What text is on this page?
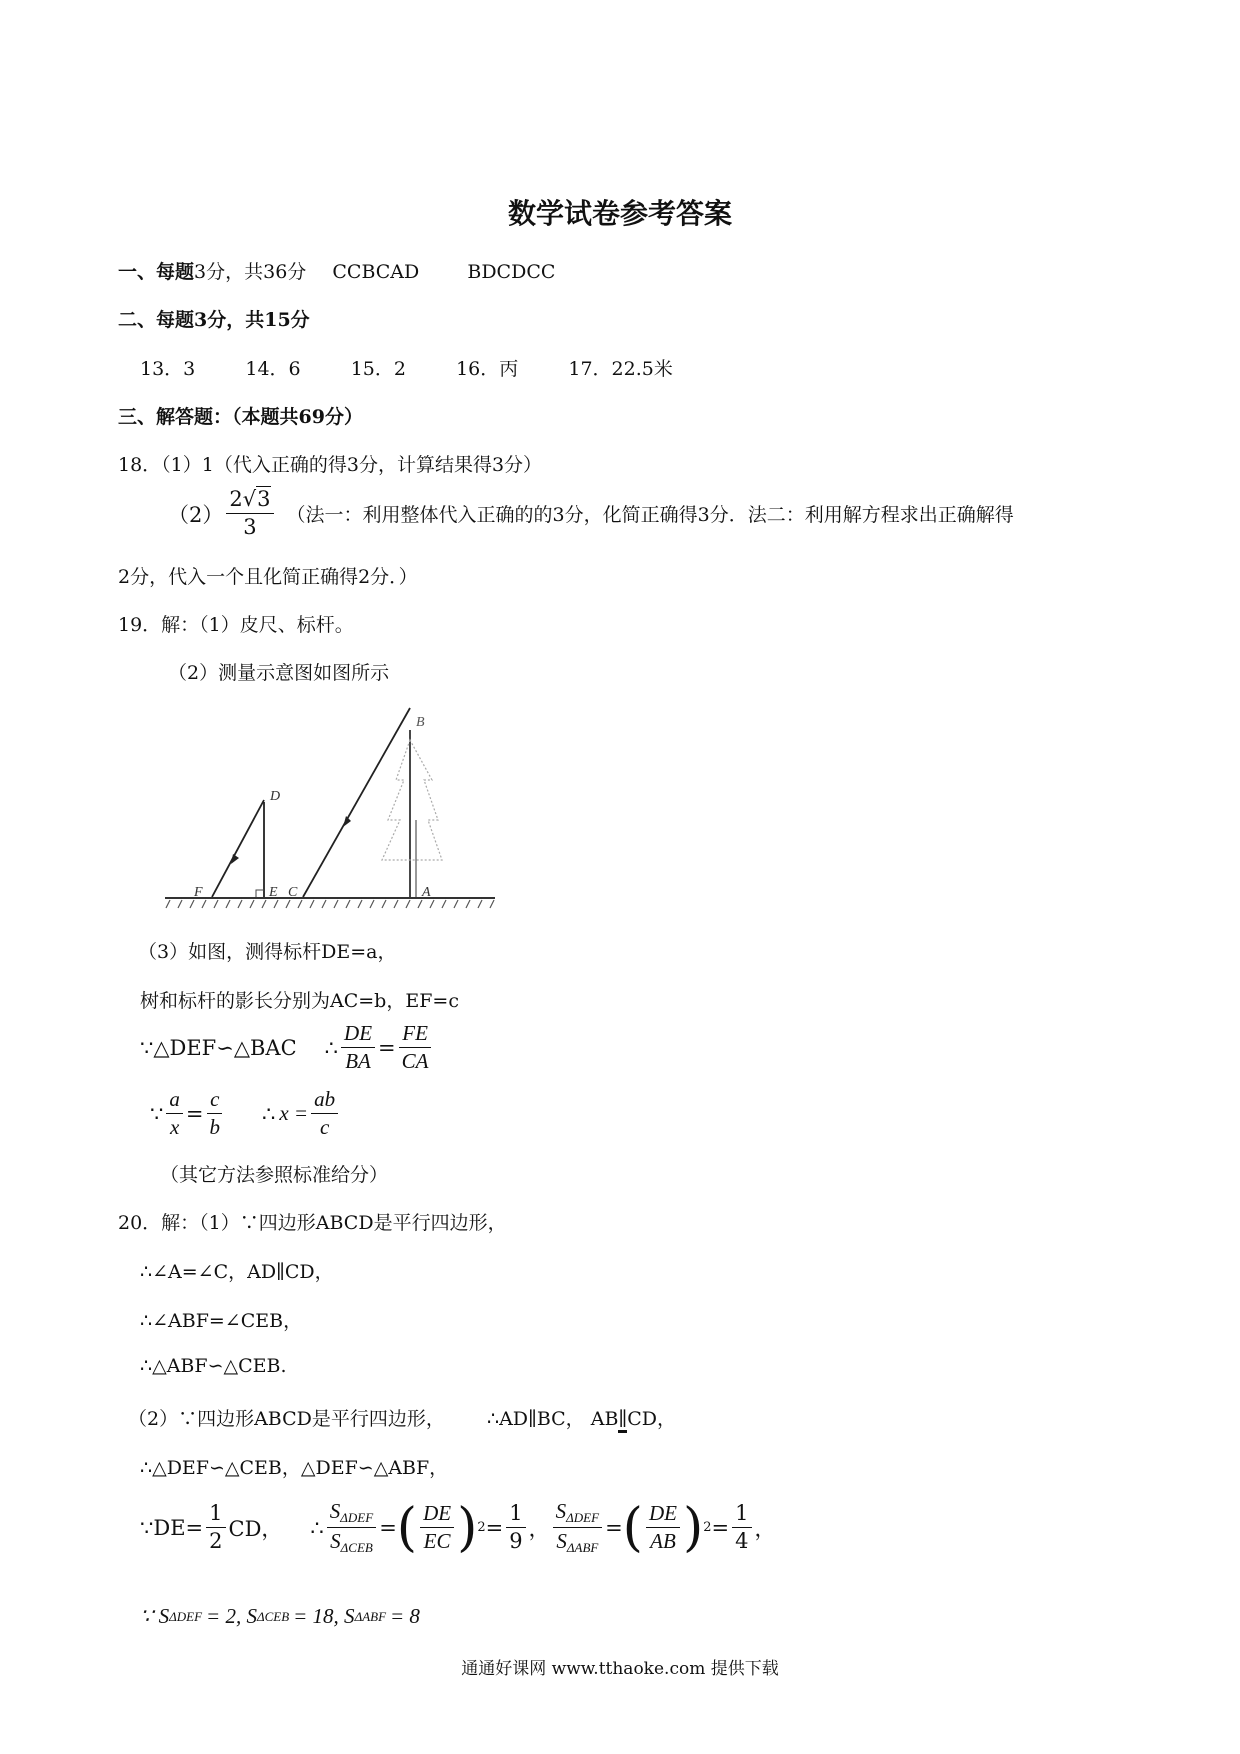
数学试卷参考答案
一、每题3分，共36分 CCBCAD	BDCDCC
二、每题3分，共15分
13．3	14．6	15．2	16．丙	17．22.5米
三、解答题：（本题共69分）
18．（1）1（代入正确的得3分，计算结果得3分）
$(2) \frac{2√3}{3}$ （法一：利用整体代入正确的的3分，化简正确得3分．法二：利用解方程求出正确解得
2分，代入一个且化简正确得2分．）
19．解：（1）皮尺、标杆。
（2）测量示意图如图所示
B
D
F	E C	A
（3）如图，测得标杆DE=a，
树和标杆的影长分别为AC=b，EF=c
∵△DEF∽△BAC ∴ $\frac{DE}{BA} = \frac{FE}{CA}$
∵ $\frac{a}{x} = \frac{c}{b}$ ∴ $x = \frac{ab}{c}$
（其它方法参照标准给分）
20．解：（1）∵四边形ABCD是平行四边形，
∴∠A=∠C，AD∥CD，
∴∠ABF=∠CEB，
∴△ABF∽△CEB.
（2）∵四边形ABCD是平行四边形， ∴AD∥BC， AB∥CD，
∴△DEF∽△CEB，△DEF∽△ABF，
∵DE= $\frac{1}{2}$ CD， ∴ $\frac{S_{\Delta DEF}}{S_{\Delta CEB}}$ = ( $\frac{DE}{EC}$ ) $2 = \frac{1}{9}$ ， $\frac{S_{\Delta DEF}}{S_{\Delta ABF}}$ = ( $\frac{DE}{AB}$ ) $2 = \frac{1}{4}$ ，
∵ S ΔDEF = 2, S ΔCEB = 18, S ΔABF = 8
通通好课网 www.tthaoke.com 提供下载
